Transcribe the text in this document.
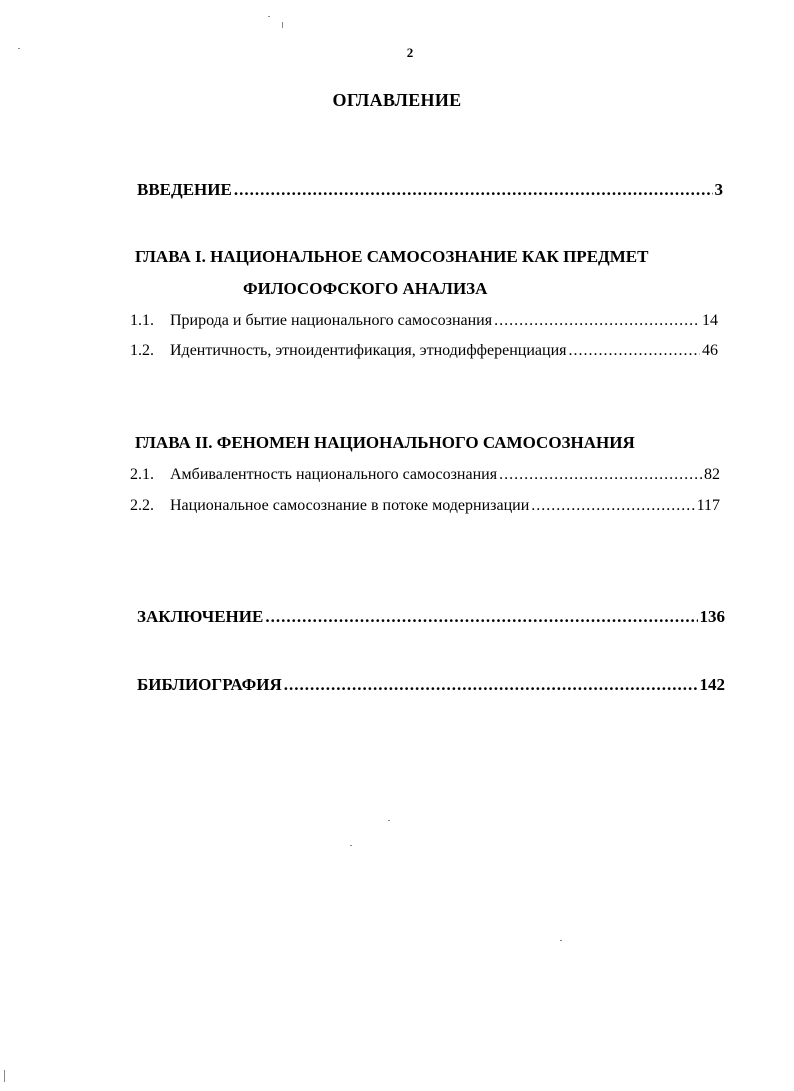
2
ОГЛАВЛЕНИЕ
ВВЕДЕНИЕ .....	3
ГЛАВА I. НАЦИОНАЛЬНОЕ САМОСОЗНАНИЕ КАК ПРЕДМЕТ
ФИЛОСОФСКОГО АНАЛИЗА
1.1. Природа и бытие национального самосознания .....	14
1.2. Идентичность, этноидентификация, этнодифференциация .....	46
ГЛАВА II. ФЕНОМЕН НАЦИОНАЛЬНОГО САМОСОЗНАНИЯ
2.1. Амбивалентность национального самосознания .....	82
2.2. Национальное самосознание в потоке модернизации .....	117
ЗАКЛЮЧЕНИЕ .....	136
БИБЛИОГРАФИЯ .....	142
